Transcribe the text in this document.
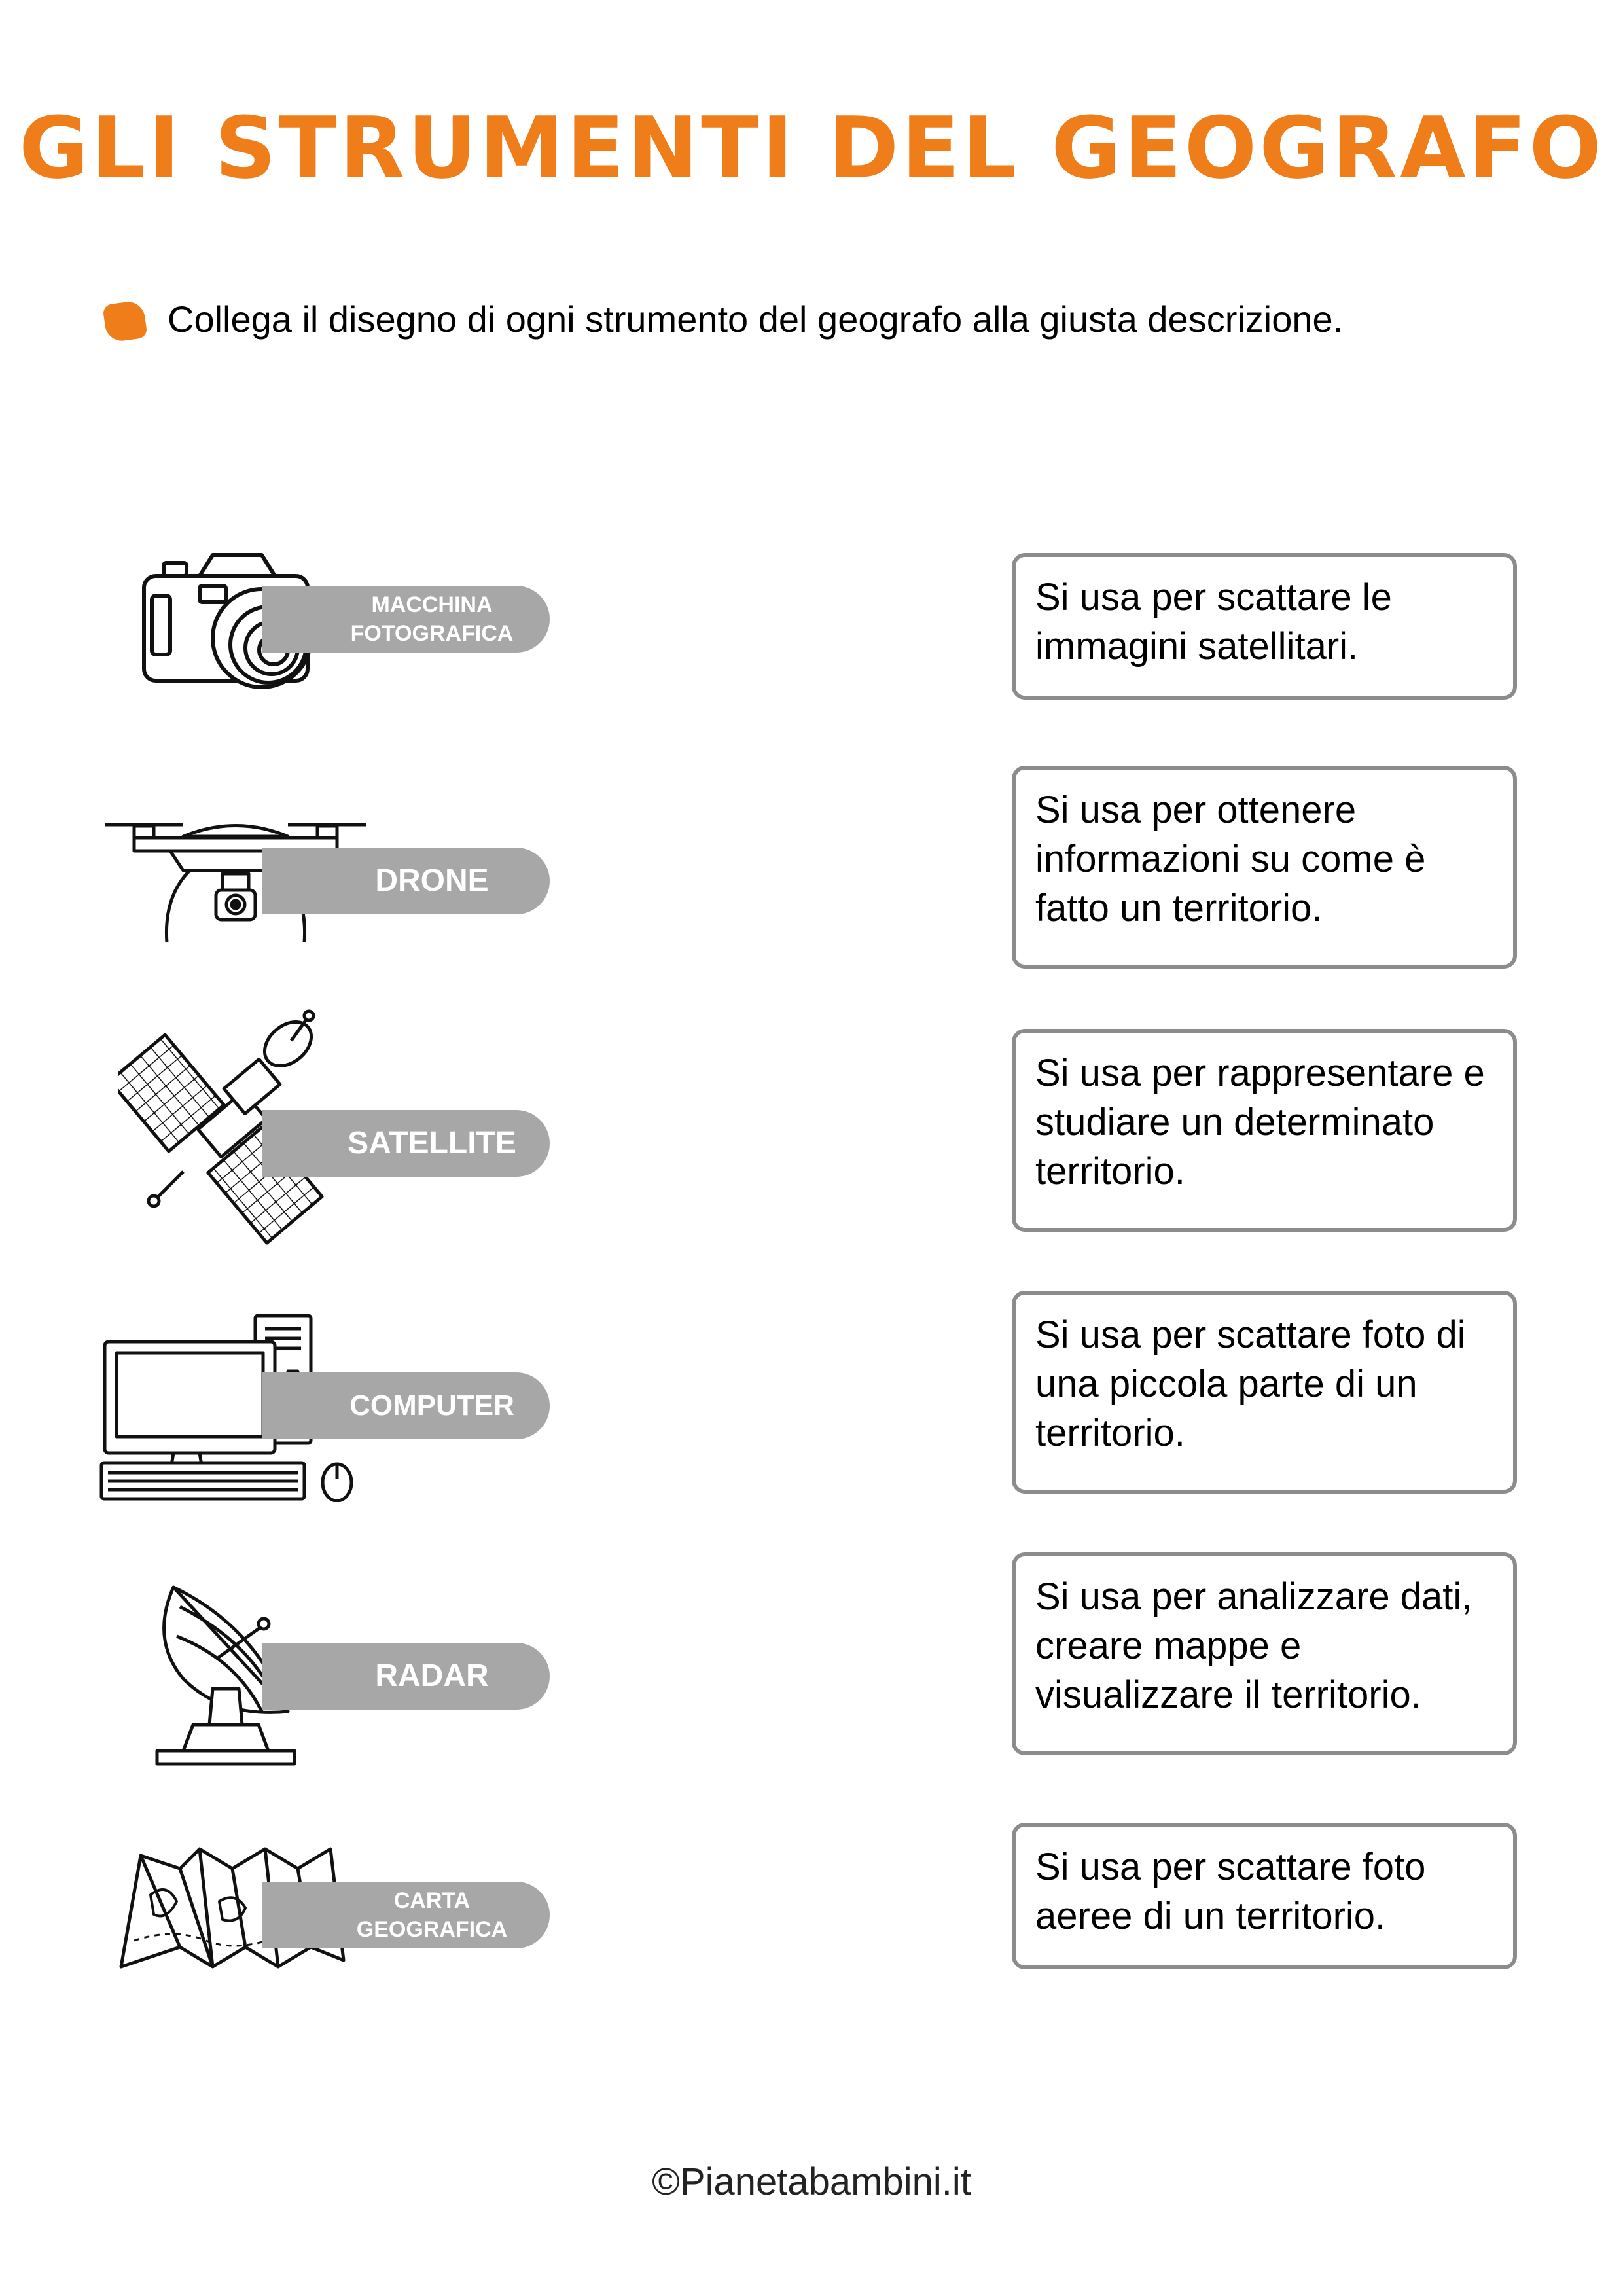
GLI STRUMENTI DEL GEOGRAFO
Collega il disegno di ogni strumento del geografo alla giusta descrizione.
MACCHINA
FOTOGRAFICA
DRONE
SATELLITE
COMPUTER
RADAR
CARTA
GEOGRAFICA
Si usa per scattare le immagini satellitari.
Si usa per ottenere informazioni su come è fatto un territorio.
Si usa per rappresentare e studiare un determinato territorio.
Si usa per scattare foto di una piccola parte di un territorio.
Si usa per analizzare dati, creare mappe e visualizzare il territorio.
Si usa per scattare foto aeree di un territorio.
©Pianetabambini.it
